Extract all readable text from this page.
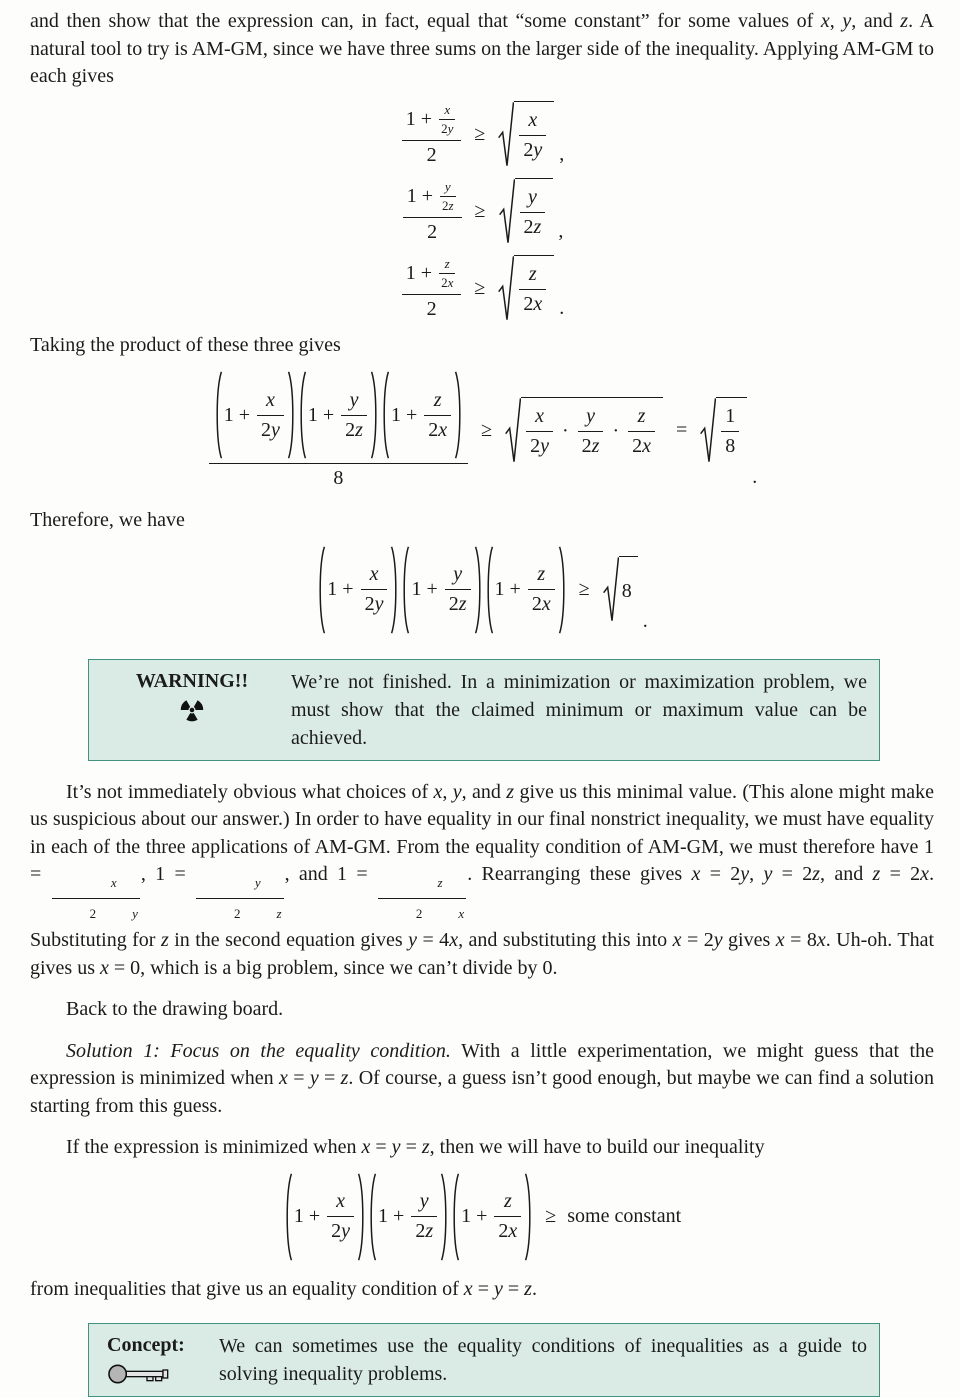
and then show that the expression can, in fact, equal that “some constant” for some values of x, y, and z. A natural tool to try is AM-GM, since we have three sums on the larger side of the inequality. Applying AM-GM to each gives

$\frac{1 + \frac{x}{2 y}}{2} \ge \frac{x}{2 y}$ ,
$\frac{1 + \frac{y}{2 z}}{2} \ge \frac{y}{2 z}$ ,
$\frac{1 + \frac{z}{2 x}}{2} \ge \frac{z}{2 x}$ .

Taking the product of these three gives

$\frac{1 + \frac{x}{2 y} 1 + \frac{y}{2 z} 1 + \frac{z}{2 x}}{8} \ge \frac{x}{2 y} \cdot \frac{y}{2 z} \cdot \frac{z}{2 x} = \frac{1}{8}$
.

Therefore, we have

$1 + \frac{x}{2 y} 1 + \frac{y}{2 z} 1 + \frac{z}{2 x} \ge 8$
.
WARNING!!	We’re not finished. In a minimization or maximization problem, we must show that the claimed minimum or maximum value can be achieved.

It’s not immediately obvious what choices of x, y, and z give us this minimal value. (This alone might make us suspicious about our answer.) In order to have equality in our final nonstrict inequality, we must have equality in each of the three applications of AM-GM. From the equality condition of AM-GM, we must therefore have 1 = x
2	y , 1 = y
2	z , and 1 = z
2	x . Rearranging these gives x = 2y, y = 2z, and z = 2x. Substituting for z in the second equation gives y = 4x, and substituting this into x = 2y gives x = 8x. Uh-oh. That gives us x = 0, which is a big problem, since we can’t divide by 0.

Back to the drawing board.

Solution 1: Focus on the equality condition. With a little experimentation, we might guess that the expression is minimized when x = y = z. Of course, a guess isn’t good enough, but maybe we can find a solution starting from this guess.

If the expression is minimized when x = y = z, then we will have to build our inequality

$1 + \frac{x}{2 y} 1 + \frac{y}{2 z} 1 + \frac{z}{2 x}$ ≥ some constant

from inequalities that give us an equality condition of x = y = z.

Concept:	We can sometimes use the equality conditions of inequalities as a guide to solving inequality problems.
